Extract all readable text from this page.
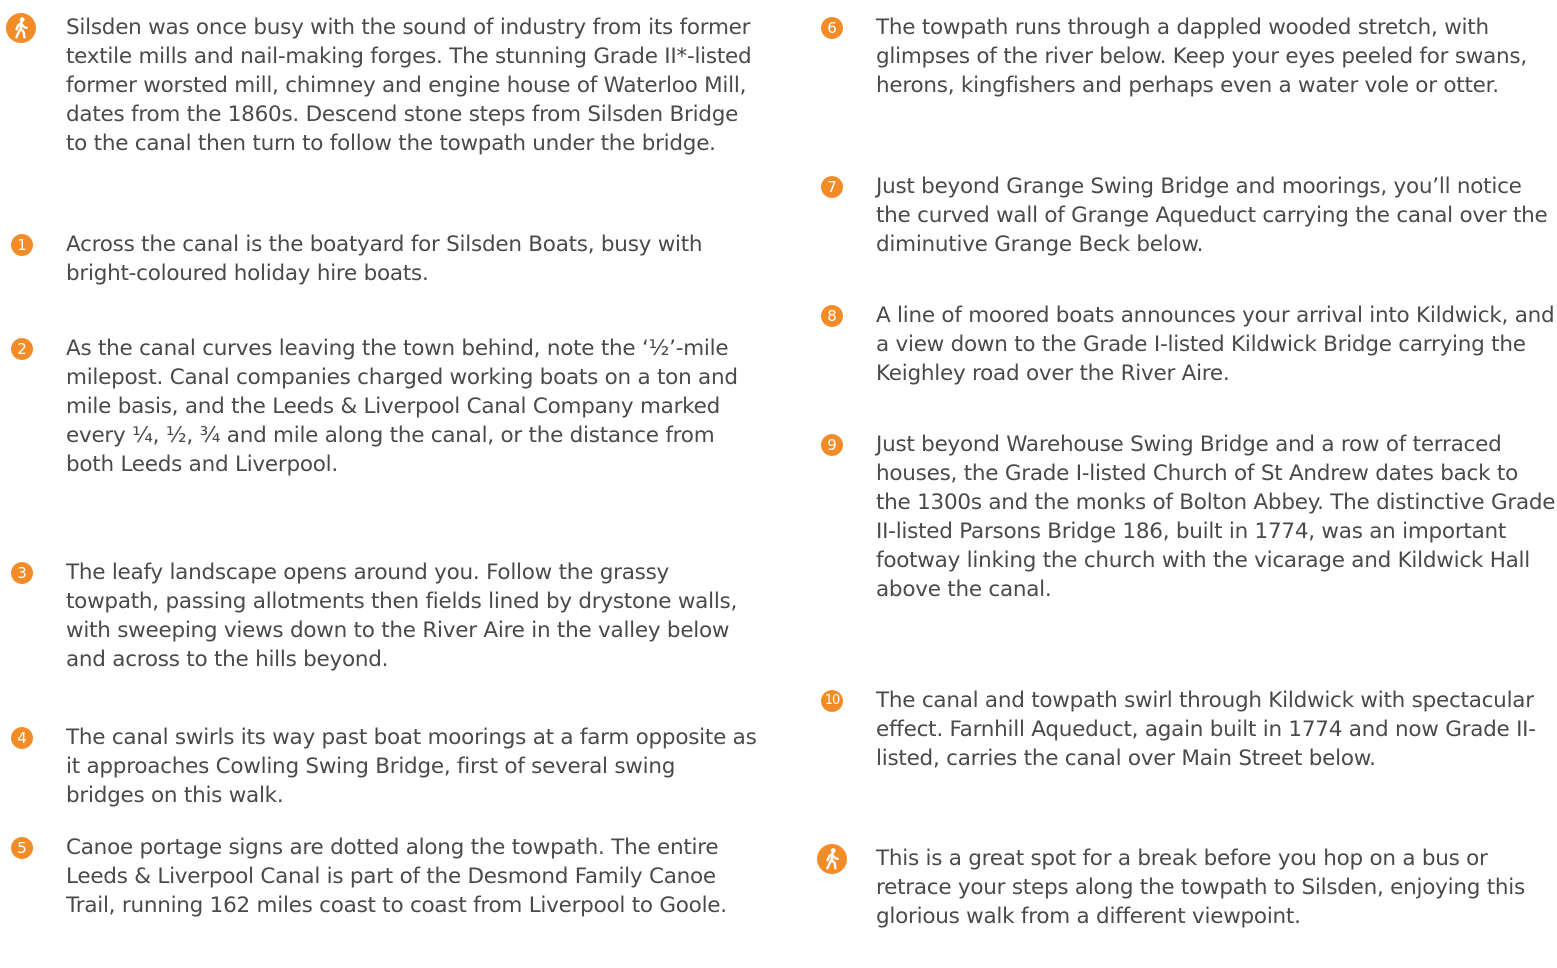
Silsden was once busy with the sound of industry from its former textile mills and nail-making forges. The stunning Grade II*-listed former worsted mill, chimney and engine house of Waterloo Mill, dates from the 1860s. Descend stone steps from Silsden Bridge to the canal then turn to follow the towpath under the bridge.

1	Across the canal is the boatyard for Silsden Boats, busy with bright-coloured holiday hire boats.

2	As the canal curves leaving the town behind, note the ‘½’-mile milepost. Canal companies charged working boats on a ton and mile basis, and the Leeds & Liverpool Canal Company marked every ¼, ½, ¾ and mile along the canal, or the distance from both Leeds and Liverpool.

3	The leafy landscape opens around you. Follow the grassy towpath, passing allotments then fields lined by drystone walls, with sweeping views down to the River Aire in the valley below and across to the hills beyond.

4	The canal swirls its way past boat moorings at a farm opposite as it approaches Cowling Swing Bridge, first of several swing bridges on this walk.

5	Canoe portage signs are dotted along the towpath. The entire Leeds & Liverpool Canal is part of the Desmond Family Canoe Trail, running 162 miles coast to coast from Liverpool to Goole.

6	The towpath runs through a dappled wooded stretch, with glimpses of the river below. Keep your eyes peeled for swans, herons, kingfishers and perhaps even a water vole or otter.

7	Just beyond Grange Swing Bridge and moorings, you’ll notice the curved wall of Grange Aqueduct carrying the canal over the diminutive Grange Beck below.

8	A line of moored boats announces your arrival into Kildwick, and a view down to the Grade I-listed Kildwick Bridge carrying the Keighley road over the River Aire.

9	Just beyond Warehouse Swing Bridge and a row of terraced houses, the Grade I-listed Church of St Andrew dates back to the 1300s and the monks of Bolton Abbey. The distinctive Grade II-listed Parsons Bridge 186, built in 1774, was an important footway linking the church with the vicarage and Kildwick Hall above the canal.

10	The canal and towpath swirl through Kildwick with spectacular effect. Farnhill Aqueduct, again built in 1774 and now Grade II-listed, carries the canal over Main Street below.

This is a great spot for a break before you hop on a bus or retrace your steps along the towpath to Silsden, enjoying this glorious walk from a different viewpoint.
